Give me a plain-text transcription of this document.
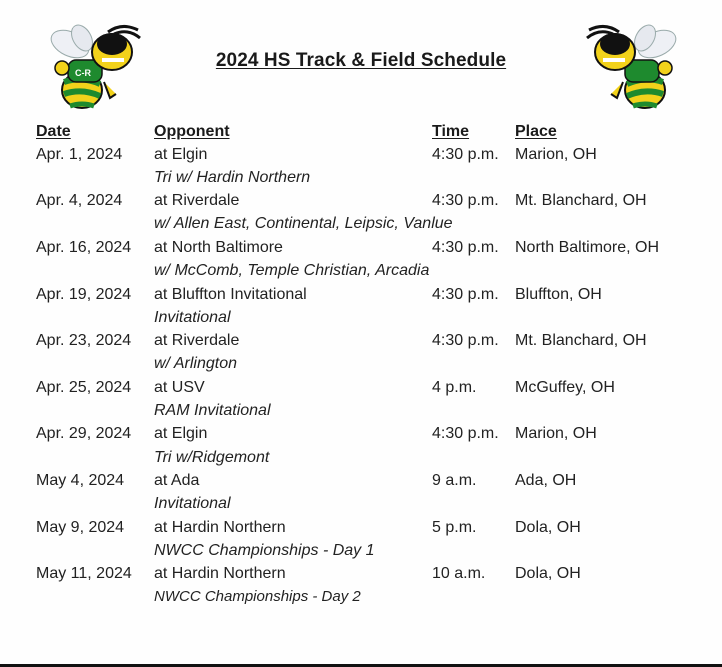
C-R
2024 HS Track & Field Schedule
Date	Opponent	Time	Place
Apr. 1, 2024 at Elgin	4:30 p.m. Marion, OH
Tri w/ Hardin Northern
Apr. 4, 2024 at Riverdale	4:30 p.m. Mt. Blanchard, OH
w/ Allen East, Continental, Leipsic, Vanlue
Apr. 16, 2024 at North Baltimore	4:30 p.m. North Baltimore, OH
w/ McComb, Temple Christian, Arcadia
Apr. 19, 2024 at Bluffton Invitational	4:30 p.m. Bluffton, OH
Invitational
Apr. 23, 2024 at Riverdale	4:30 p.m. Mt. Blanchard, OH
w/ Arlington
Apr. 25, 2024 at USV	4 p.m. McGuffey, OH
RAM Invitational
Apr. 29, 2024 at Elgin	4:30 p.m. Marion, OH
Tri w/Ridgemont
May 4, 2024 at Ada	9 a.m. Ada, OH
Invitational
May 9, 2024 at Hardin Northern	5 p.m. Dola, OH
NWCC Championships - Day 1
May 11, 2024 at Hardin Northern	10 a.m. Dola, OH
NWCC Championships - Day 2
